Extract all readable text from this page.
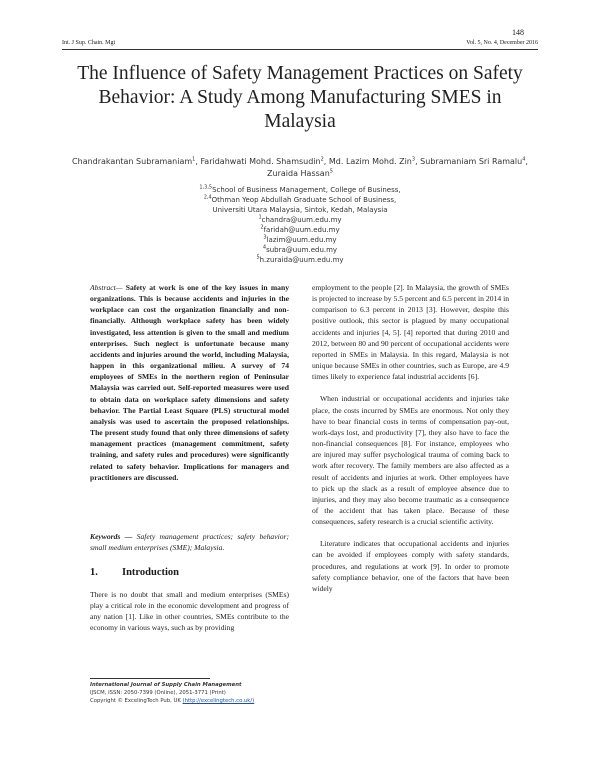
148
Int. J Sup. Chain. Mgt	Vol. 5, No. 4, December 2016
The Influence of Safety Management Practices on Safety Behavior: A Study Among Manufacturing SMES in Malaysia
Chandrakantan Subramaniam$^1$, Faridahwati Mohd. Shamsudin$^2$, Md. Lazim Mohd. Zin$^3$, Subramaniam Sri Ramalu$^4$, Zuraida Hassan$^5$
$^{1,3,5}$School of Business Management, College of Business,
$^{2,4}$Othman Yeop Abdullah Graduate School of Business,
Universiti Utara Malaysia, Sintok, Kedah, Malaysia
$^1$chandra@uum.edu.my
$^2$faridah@uum.edu.my
$^3$lazim@uum.edu.my
$^4$subra@uum.edu.my
$^5$h.zuraida@uum.edu.my
Abstract— Safety at work is one of the key issues in many organizations. This is because accidents and injuries in the workplace can cost the organization financially and non-financially. Although workplace safety has been widely investigated, less attention is given to the small and medium enterprises. Such neglect is unfortunate because many accidents and injuries around the world, including Malaysia, happen in this organizational milieu. A survey of 74 employees of SMEs in the northern region of Peninsular Malaysia was carried out. Self-reported measures were used to obtain data on workplace safety dimensions and safety behavior. The Partial Least Square (PLS) structural model analysis was used to ascertain the proposed relationships. The present study found that only three dimensions of safety management practices (management commitment, safety training, and safety rules and procedures) were significantly related to safety behavior. Implications for managers and practitioners are discussed.
Keywords — Safety management practices; safety behavior; small medium enterprises (SME); Malaysia.
1. Introduction
There is no doubt that small and medium enterprises (SMEs) play a critical role in the economic development and progress of any nation [1]. Like in other countries, SMEs contribute to the economy in various ways, such as by providing

employment to the people [2]. In Malaysia, the growth of SMEs is projected to increase by 5.5 percent and 6.5 percent in 2014 in comparison to 6.3 percent in 2013 [3]. However, despite this positive outlook, this sector is plagued by many occupational accidents and injuries [4, 5]. [4] reported that during 2010 and 2012, between 80 and 90 percent of occupational accidents were reported in SMEs in Malaysia. In this regard, Malaysia is not unique because SMEs in other countries, such as Europe, are 4.9 times likely to experience fatal industrial accidents [6].

When industrial or occupational accidents and injuries take place, the costs incurred by SMEs are enormous. Not only they have to bear financial costs in terms of compensation pay-out, work-days lost, and productivity [7], they also have to face the non-financial consequences [8]. For instance, employees who are injured may suffer psychological trauma of coming back to work after recovery. The family members are also affected as a result of accidents and injuries at work. Other employees have to pick up the slack as a result of employee absence due to injuries, and they may also become traumatic as a consequence of the accident that has taken place. Because of these consequences, safety research is a crucial scientific activity.

Literature indicates that occupational accidents and injuries can be avoided if employees comply with safety standards, procedures, and regulations at work [9]. In order to promote safety compliance behavior, one of the factors that have been widely

International Journal of Supply Chain Management
IJSCM, ISSN: 2050-7399 (Online), 2051-3771 (Print)
Copyright © ExcelingTech Pub, UK (http://excelingtech.co.uk/)
